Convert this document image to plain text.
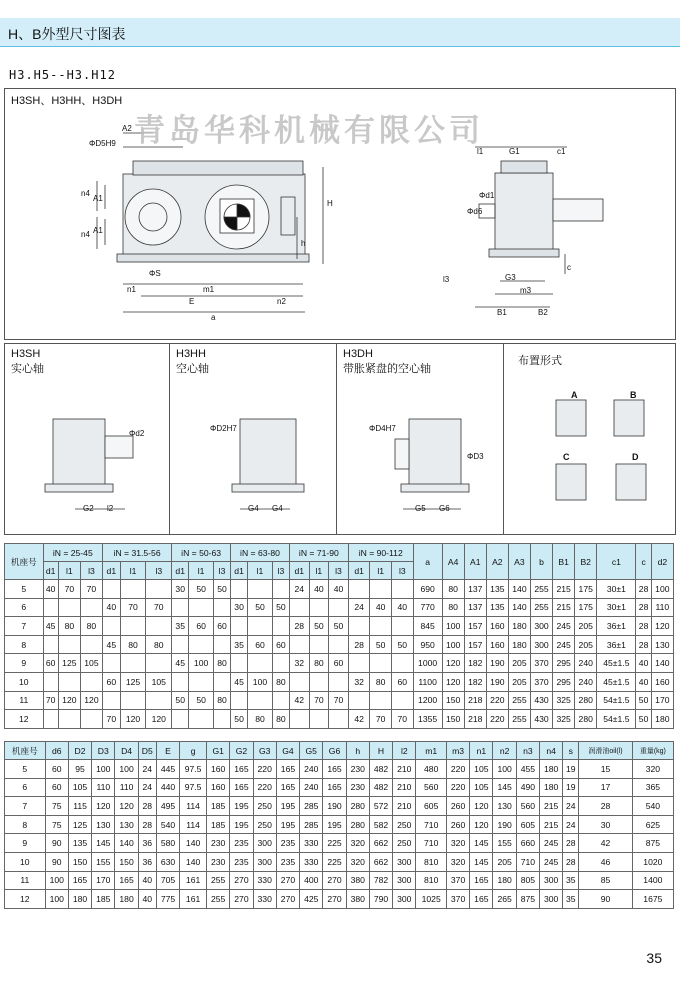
H、B外型尺寸图表
H3.H5--H3.H12
H3SH、H3HH、H3DH
青岛华科机械有限公司
A2
ΦD5H9
n4
A1
n4 A1
H
h
ΦS
n1	m1
n2
E
a
l1	G1	c1
Φd6
Φd1
l3	G3
m3
B1	B2
c
H3SH
实心轴
Φd2
G2 l2
H3HH
空心轴
ΦD2H7
G4 G4
H3DH
带胀紧盘的空心轴
ΦD4H7
ΦD3
G5 G6
布置形式
A	B
C	D
机座号	iN = 25-45			iN = 31.5-56			iN = 50-63			iN = 63-80			iN = 71-90			iN = 90-112			a	A4	A1	A2	A3	b	B1	B2	c1	c	d2
	d1	l1	l3	d1	l1	l3	d1	l1	l3	d1	l1	l3	d1	l1	l3	d1	l1	l3											
5	40	70	70				30	50	50				24	40	40				690	80	137	135	140	255	215	175	30±1	28	100
6				40	70	70				30	50	50				24	40	40	770	80	137	135	140	255	215	175	30±1	28	110
7	45	80	80				35	60	60				28	50	50				845	100	157	160	180	300	245	205	36±1	28	120
8				45	80	80				35	60	60				28	50	50	950	100	157	160	180	300	245	205	36±1	28	130
9	60	125	105				45	100	80				32	80	60				1000	120	182	190	205	370	295	240	45±1.5	40	140
10				60	125	105				45	100	80				32	80	60	1100	120	182	190	205	370	295	240	45±1.5	40	160
11	70	120	120				50	50	80				42	70	70				1200	150	218	220	255	430	325	280	54±1.5	50	170
12				70	120	120				50	80	80				42	70	70	1355	150	218	220	255	430	325	280	54±1.5	50	180
机座号	d6	D2	D3	D4	D5	E	g	G1	G2	G3	G4	G5	G6	h	H	l2	m1	m3	n1	n2	n3	n4	s	润滑油oil(l)	重量(kg)
5	60	95	100	100	24	445	97.5	160	165	220	165	240	165	230	482	210	480	220	105	100	455	180	19	15	320
6	60	105	110	110	24	440	97.5	160	165	220	165	240	165	230	482	210	560	220	105	145	490	180	19	17	365
7	75	115	120	120	28	495	114	185	195	250	195	285	190	280	572	210	605	260	120	130	560	215	24	28	540
8	75	125	130	130	28	540	114	185	195	250	195	285	195	280	582	250	710	260	120	190	605	215	24	30	625
9	90	135	145	140	36	580	140	230	235	300	235	330	225	320	662	250	710	320	145	155	660	245	28	42	875
10	90	150	155	150	36	630	140	230	235	300	235	330	225	320	662	300	810	320	145	205	710	245	28	46	1020
11	100	165	170	165	40	705	161	255	270	330	270	400	270	380	782	300	810	370	165	180	805	300	35	85	1400
12	100	180	185	180	40	775	161	255	270	330	270	425	270	380	790	300	1025	370	165	265	875	300	35	90	1675
35
